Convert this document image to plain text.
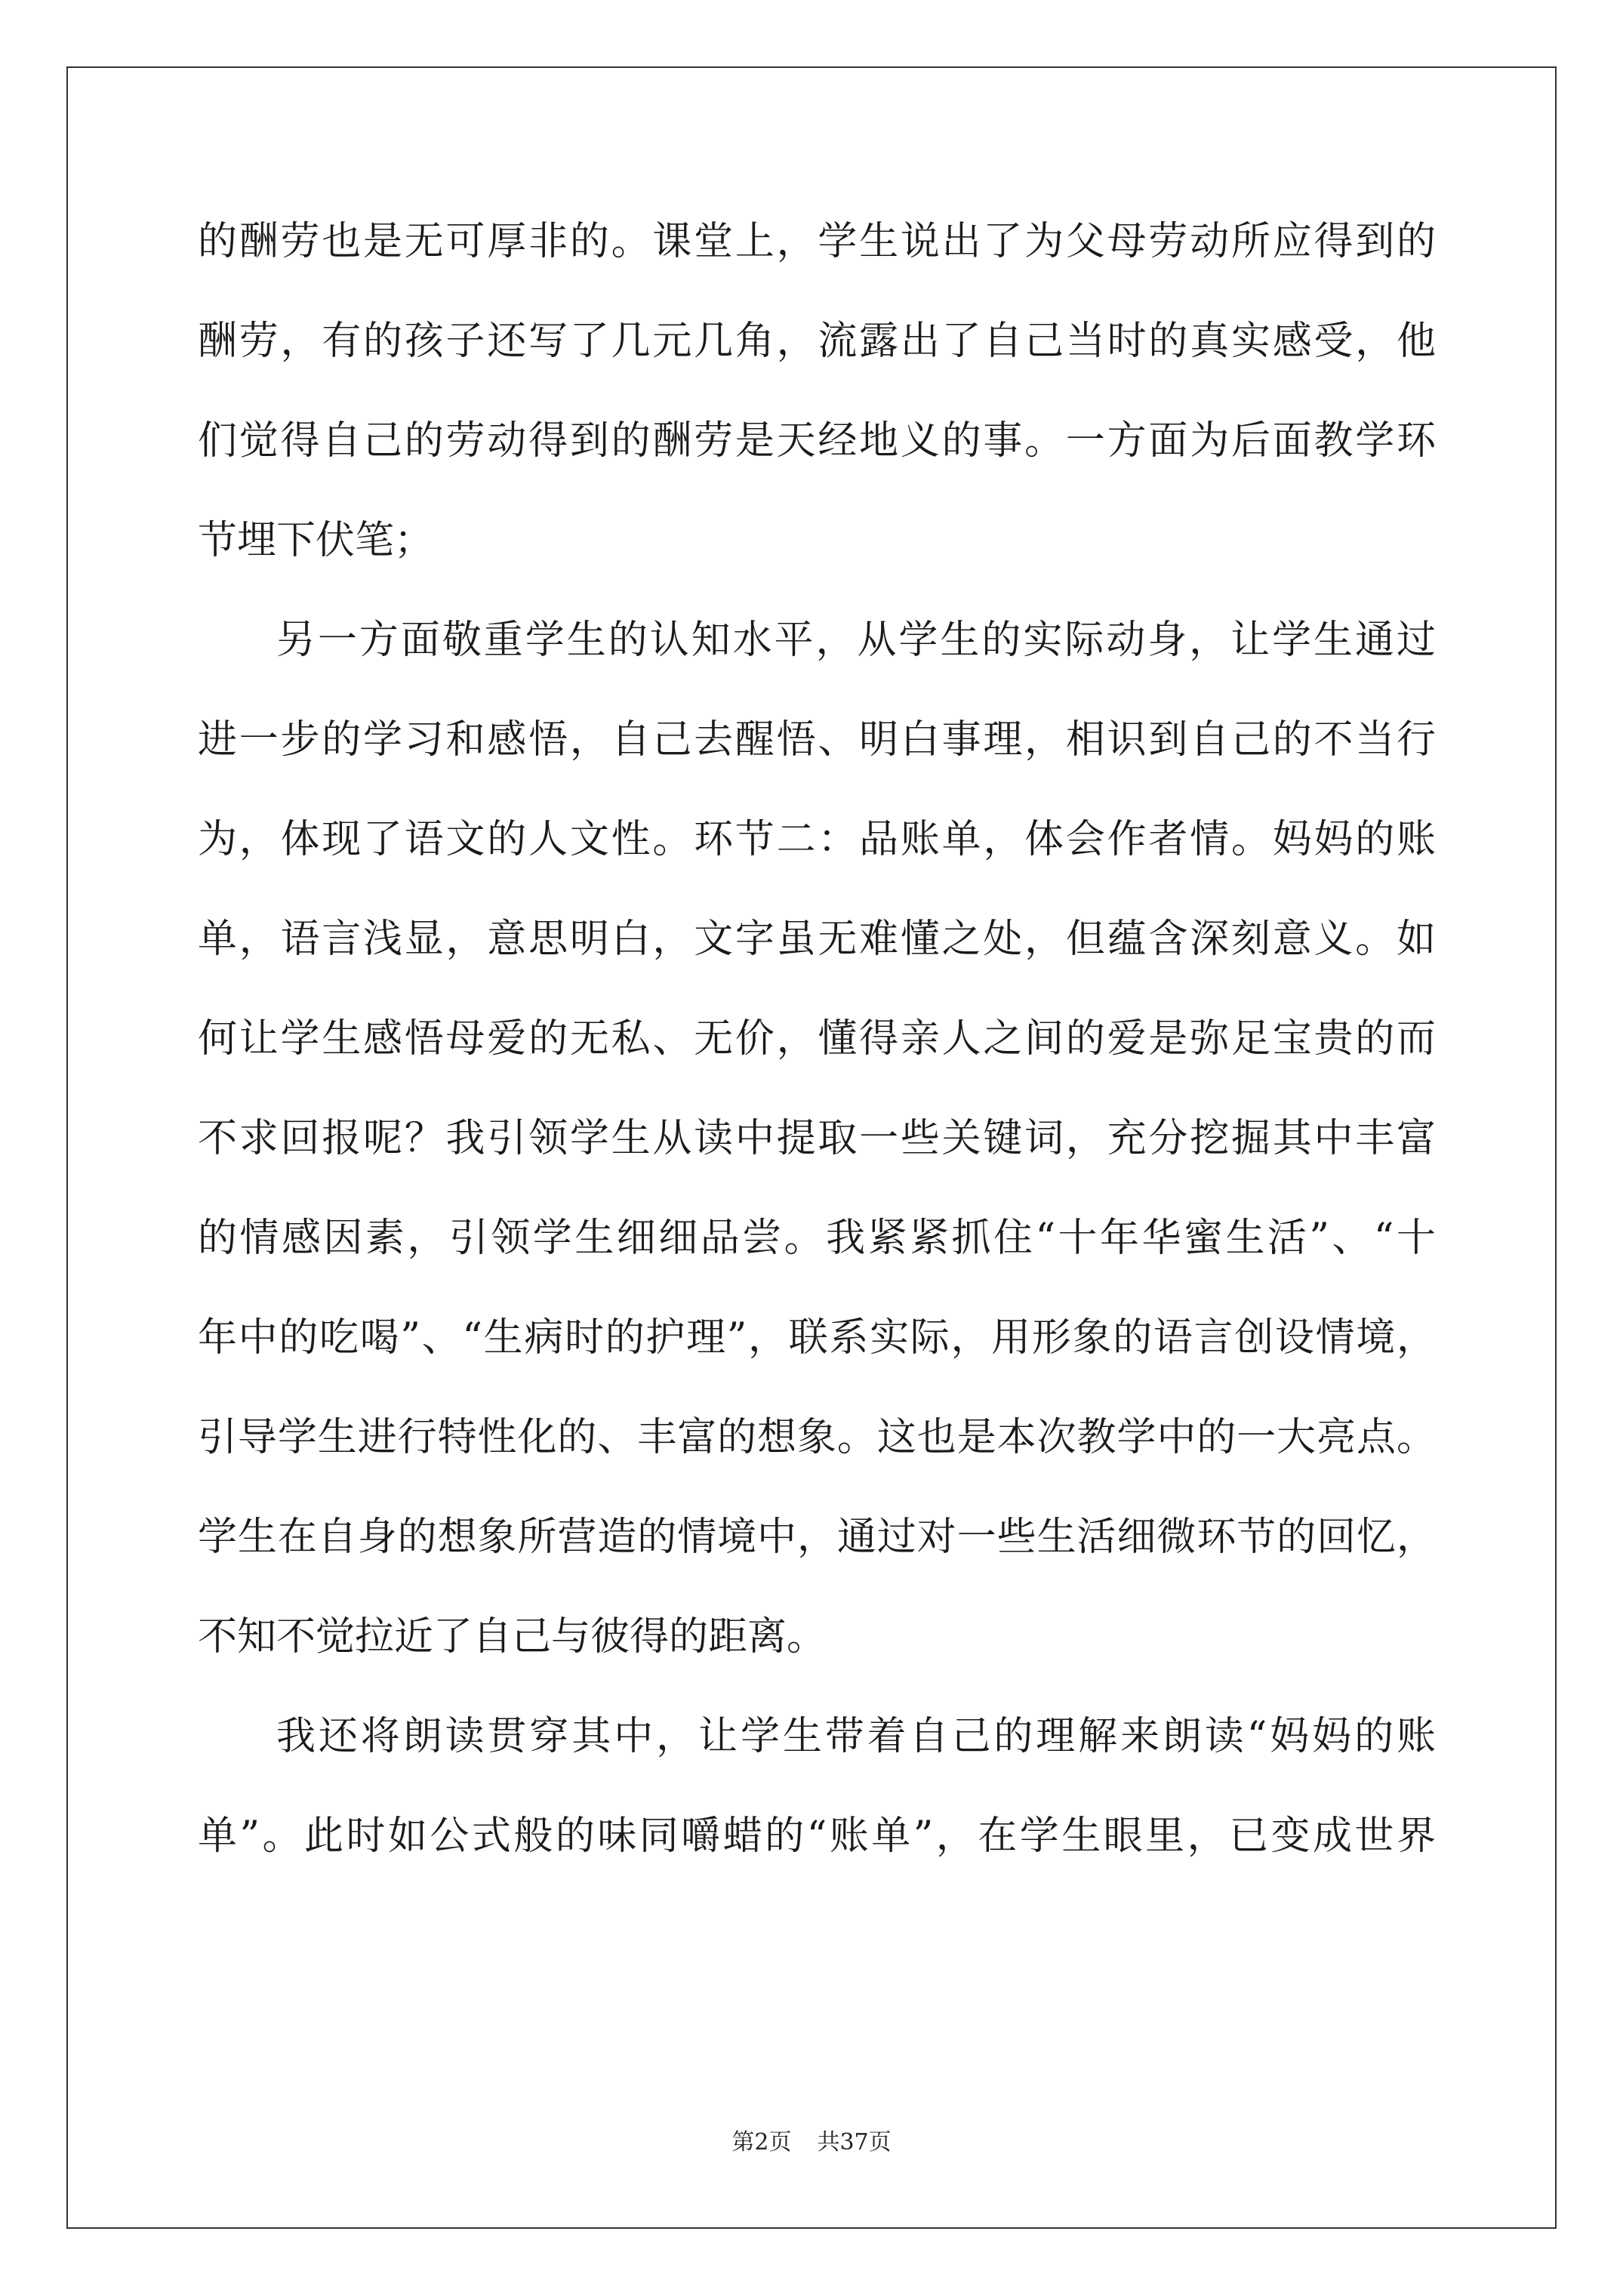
的酬劳也是无可厚非的。课堂上，学生说出了为父母劳动所应得到的
酬劳，有的孩子还写了几元几角，流露出了自己当时的真实感受，他
们觉得自己的劳动得到的酬劳是天经地义的事。一方面为后面教学环
节埋下伏笔；
另一方面敬重学生的认知水平，从学生的实际动身，让学生通过
进一步的学习和感悟，自己去醒悟、明白事理，相识到自己的不当行
为，体现了语文的人文性。环节二：品账单，体会作者情。妈妈的账
单，语言浅显，意思明白，文字虽无难懂之处，但蕴含深刻意义。如
何让学生感悟母爱的无私、无价，懂得亲人之间的爱是弥足宝贵的而
不求回报呢？我引领学生从读中提取一些关键词，充分挖掘其中丰富
的情感因素，引领学生细细品尝。我紧紧抓住“十年华蜜生活”、“十
年中的吃喝”、“生病时的护理”，联系实际，用形象的语言创设情境，
引导学生进行特性化的、丰富的想象。这也是本次教学中的一大亮点。
学生在自身的想象所营造的情境中，通过对一些生活细微环节的回忆，
不知不觉拉近了自己与彼得的距离。
我还将朗读贯穿其中，让学生带着自己的理解来朗读“妈妈的账
单”。此时如公式般的味同嚼蜡的“账单”，在学生眼里，已变成世界
第2页 共37页
